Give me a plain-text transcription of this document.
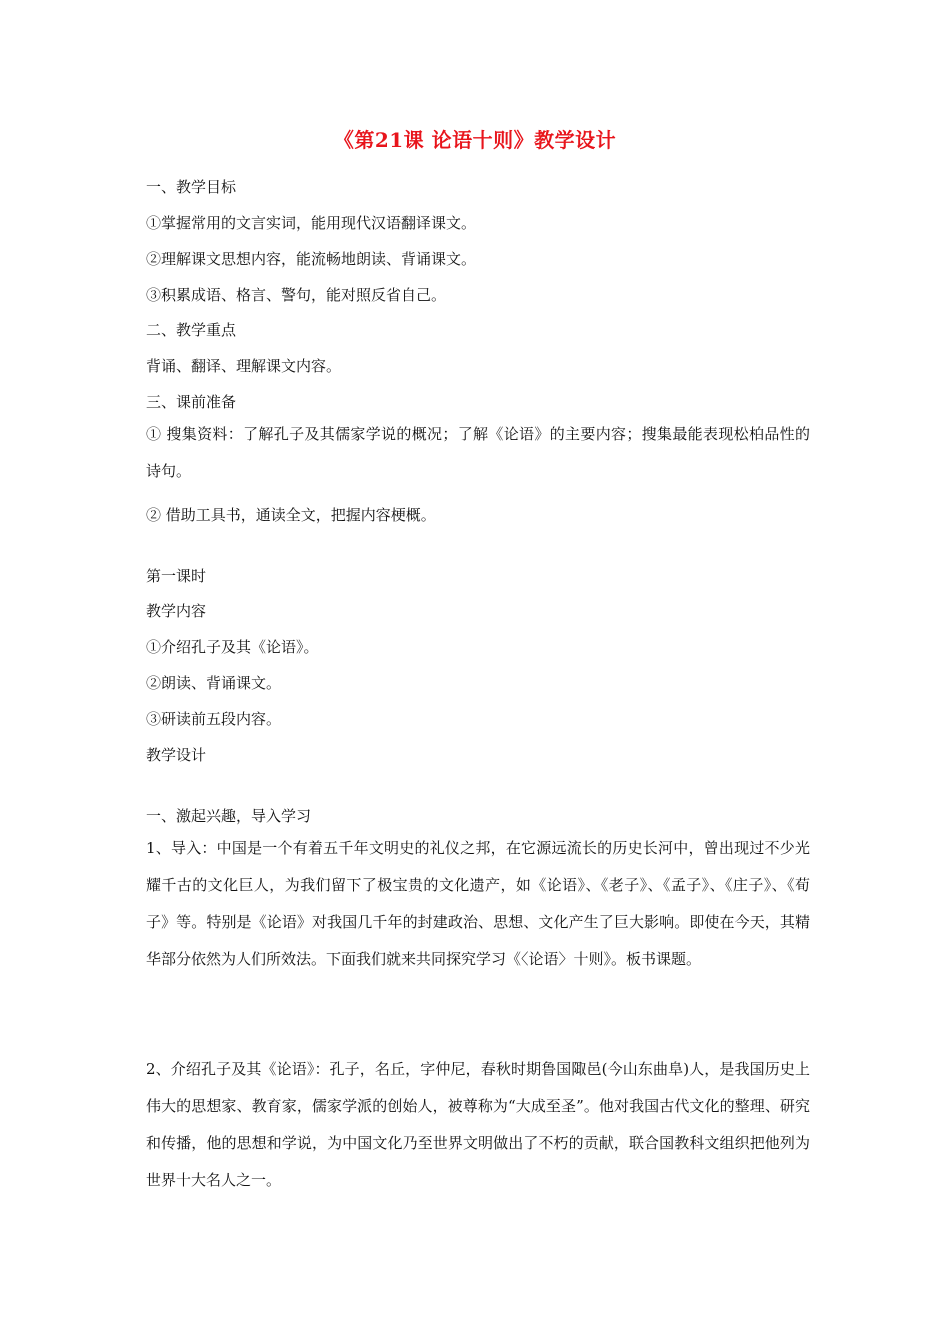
《第21课 论语十则》教学设计
一、教学目标
①掌握常用的文言实词，能用现代汉语翻译课文。
②理解课文思想内容，能流畅地朗读、背诵课文。
③积累成语、格言、警句，能对照反省自己。
二、教学重点
背诵、翻译、理解课文内容。
三、课前准备
① 搜集资料：了解孔子及其儒家学说的概况；了解《论语》的主要内容；搜集最能表现松柏品性的诗句。
② 借助工具书，通读全文，把握内容梗概。
第一课时
教学内容
①介绍孔子及其《论语》。
②朗读、背诵课文。
③研读前五段内容。
教学设计
一、激起兴趣，导入学习
1、导入：中国是一个有着五千年文明史的礼仪之邦，在它源远流长的历史长河中，曾出现过不少光耀千古的文化巨人，为我们留下了极宝贵的文化遗产，如《论语》、《老子》、《孟子》、《庄子》、《荀子》等。特别是《论语》对我国几千年的封建政治、思想、文化产生了巨大影响。即使在今天，其精华部分依然为人们所效法。下面我们就来共同探究学习《〈论语〉十则》。板书课题。
2、介绍孔子及其《论语》：孔子，名丘，字仲尼，春秋时期鲁国陬邑(今山东曲阜)人，是我国历史上伟大的思想家、教育家，儒家学派的创始人，被尊称为“大成至圣”。他对我国古代文化的整理、研究和传播，他的思想和学说，为中国文化乃至世界文明做出了不朽的贡献，联合国教科文组织把他列为世界十大名人之一。
